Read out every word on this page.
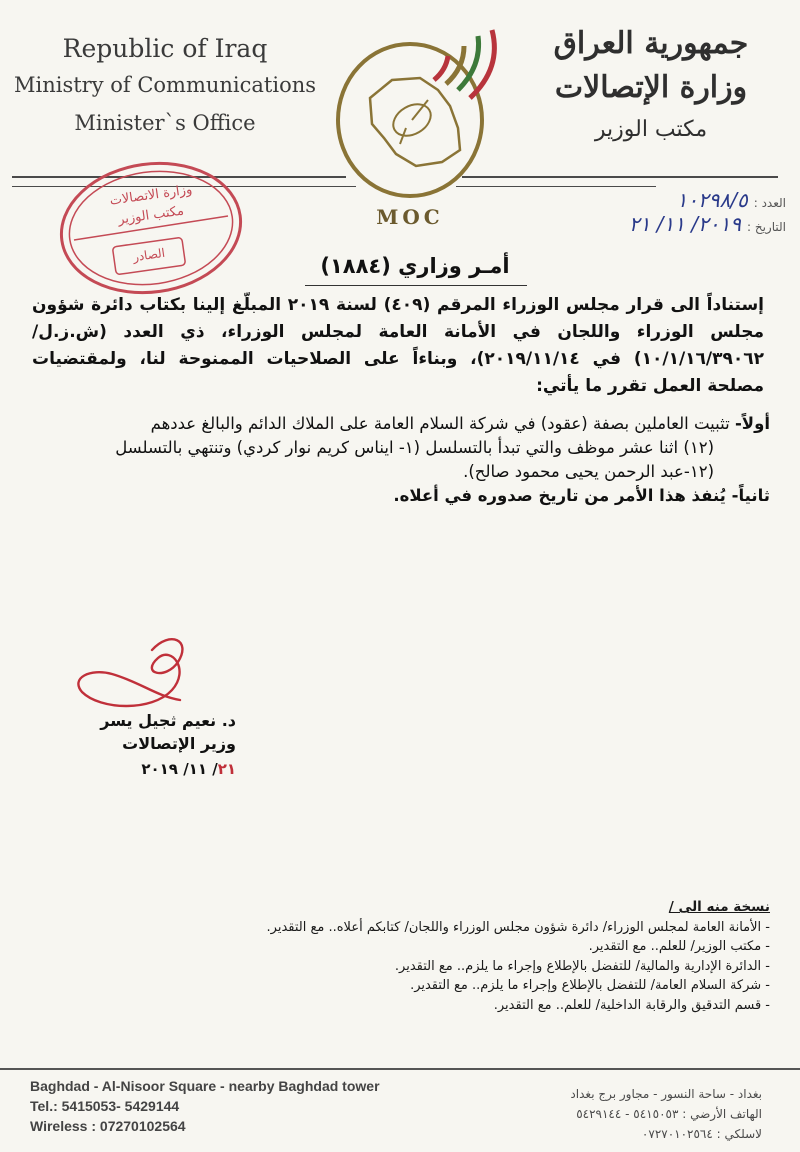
Republic of Iraq
Ministry of Communications
Minister`s Office
جمهورية العراق
وزارة الإتصالات
مكتب الوزير
MOC
العدد :
١٠٢٩٨/٥
التاريخ :
٢٠١٩/ ١١/ ٢١
وزارة الاتصالات
مكتب الوزير
الصادر	أمـر وزاري (١٨٨٤)

إستناداً الى قرار مجلس الوزراء المرقم (٤٠٩) لسنة ٢٠١٩ المبلّغ إلينا بكتاب دائرة شؤون مجلس الوزراء واللجان في الأمانة العامة لمجلس الوزراء، ذي العدد (ش.ز.ل/١٠/١/١٦/٣٩٠٦٢) في ٢٠١٩/١١/١٤)، وبناءاً على الصلاحيات الممنوحة لنا، ولمقتضيات مصلحة العمل تقرر ما يأتي:

أولاً- تثبيت العاملين بصفة (عقود) في شركة السلام العامة على الملاك الدائم والبالغ عددهم

(١٢) اثنا عشر موظف والتي تبدأ بالتسلسل (١- ايناس كريم نوار كردي) وتنتهي بالتسلسل

(١٢-عبد الرحمن يحيى محمود صالح).

ثانياً- يُنفذ هذا الأمر من تاريخ صدوره في أعلاه.

د. نعيم ثجيل يسر
وزير الإتصالات
٢١/ ١١/ ٢٠١٩

نسخة منه الى /

- الأمانة العامة لمجلس الوزراء/ دائرة شؤون مجلس الوزراء واللجان/ كتابكم أعلاه.. مع التقدير.

- مكتب الوزير/ للعلم.. مع التقدير.

- الدائرة الإدارية والمالية/ للتفضل بالإطلاع وإجراء ما يلزم.. مع التقدير.

- شركة السلام العامة/ للتفضل بالإطلاع وإجراء ما يلزم.. مع التقدير.

- قسم التدقيق والرقابة الداخلية/ للعلم.. مع التقدير.

Baghdad - Al-Nisoor Square - nearby Baghdad tower
Tel.: 5415053- 5429144
Wireless : 07270102564
بغداد - ساحة النسور - مجاور برج بغداد
الهاتف الأرضي : ٥٤١٥٠٥٣ - ٥٤٢٩١٤٤
لاسلكي : ٠٧٢٧٠١٠٢٥٦٤
